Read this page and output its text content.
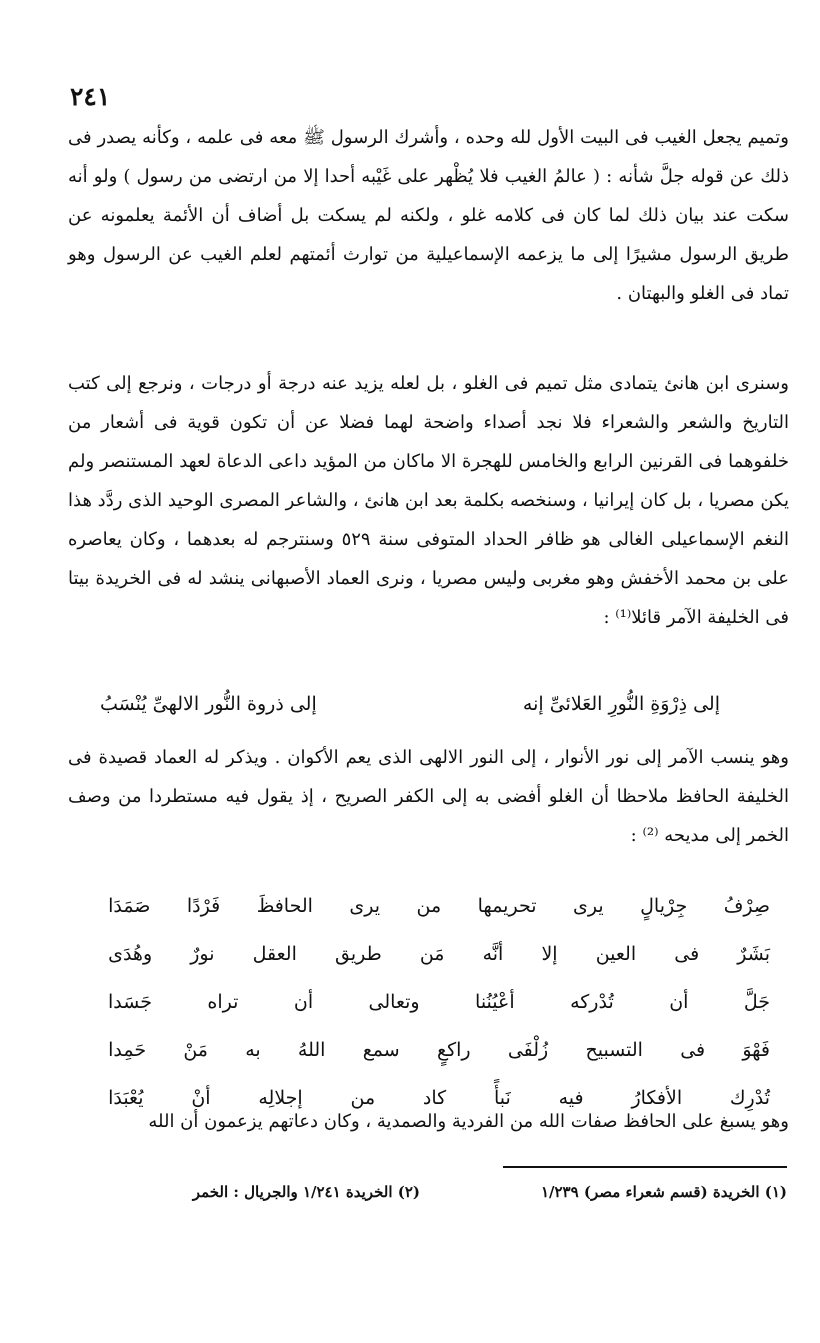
٢٤١

وتميم يجعل الغيب فى البيت الأول لله وحده ، وأشرك الرسول ﷺ معه فى علمه ، وكأنه يصدر فى ذلك عن قوله جلَّ شأنه : ( عالمُ الغيب فلا يُظْهر على غَيْبه أحدا إلا من ارتضى من رسول ) ولو أنه سكت عند بيان ذلك لما كان فى كلامه غلو ، ولكنه لم يسكت بل أضاف أن الأئمة يعلمونه عن طريق الرسول مشيرًا إلى ما يزعمه الإسماعيلية من توارث أئمتهم لعلم الغيب عن الرسول وهو تماد فى الغلو والبهتان .

وسنرى ابن هانئ يتمادى مثل تميم فى الغلو ، بل لعله يزيد عنه درجة أو درجات ، ونرجع إلى كتب التاريخ والشعر والشعراء فلا نجد أصداء واضحة لهما فضلا عن أن تكون قوية فى أشعار من خلفوهما فى القرنين الرابع والخامس للهجرة الا ماكان من المؤيد داعى الدعاة لعهد المستنصر ولم يكن مصريا ، بل كان إيرانيا ، وسنخصه بكلمة بعد ابن هانئ ، والشاعر المصرى الوحيد الذى ردَّد هذا النغم الإسماعيلى الغالى هو ظافر الحداد المتوفى سنة ٥٢٩ وسنترجم له بعدهما ، وكان يعاصره على بن محمد الأخفش وهو مغربى وليس مصريا ، ونرى العماد الأصبهانى ينشد له فى الخريدة بيتا فى الخليفة الآمر قائلا⁽¹⁾ :

إلى ذِرْوَةِ النُّورِ العَلائىِّ إنه
إلى ذروة النُّور الالهىِّ يُنْسَبُ

وهو ينسب الآمر إلى نور الأنوار ، إلى النور الالهى الذى يعم الأكوان . ويذكر له العماد قصيدة فى الخليفة الحافظ ملاحظا أن الغلو أفضى به إلى الكفر الصريح ، إذ يقول فيه مستطردا من وصف الخمر إلى مديحه ⁽²⁾ :

صِرْفُ
جِرْيالٍ
يرى
تحريمها
من
يرى
الحافظَ
فَرْدًا
صَمَدَا
بَشَرٌ
فى
العين
إلا
أنَّه
مَن
طريق
العقل
نورٌ
وهُدَى
جَلَّ
أن
تُدْركه
أعْيُنُنا
وتعالى
أن
تراه
جَسَدا
فَهْوَ
فى
التسبيح
زُلْفَى
راكعٍ
سمع
اللهُ
به
مَنْ
حَمِدا
تُدْرِك
الأفكارُ
فيه
نَبأً
كاد
من
إجلالِه
أنْ
يُعْبَدَا

وهو يسبغ على الحافظ صفات الله من الفردية والصمدية ، وكان دعاتهم يزعمون أن الله

(١) الخريدة (قسم شعراء مصر) ١/٢٣٩
(٢) الخريدة ١/٢٤١ والجريال : الخمر
